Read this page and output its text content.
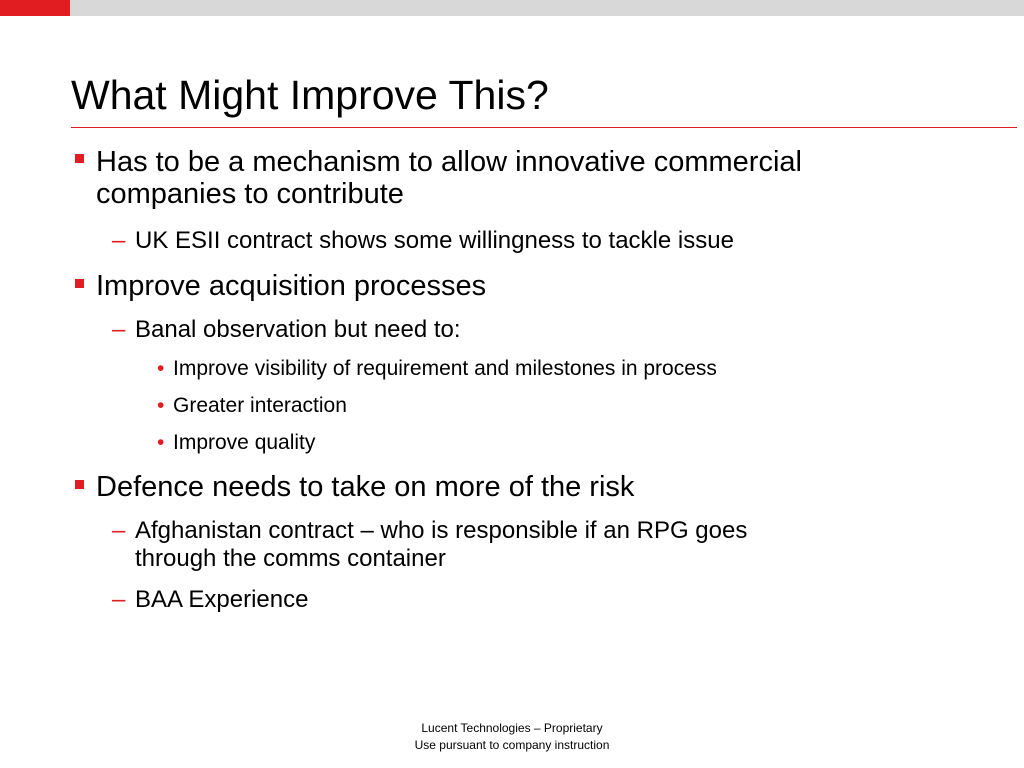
What Might Improve This?
Has to be a mechanism to allow innovative commercial
companies to contribute
– UK ESII contract shows some willingness to tackle issue
Improve acquisition processes
– Banal observation but need to:
• Improve visibility of requirement and milestones in process
• Greater interaction
• Improve quality
Defence needs to take on more of the risk
– Afghanistan contract – who is responsible if an RPG goes
through the comms container
– BAA Experience
Lucent Technologies – Proprietary
Use pursuant to company instruction
